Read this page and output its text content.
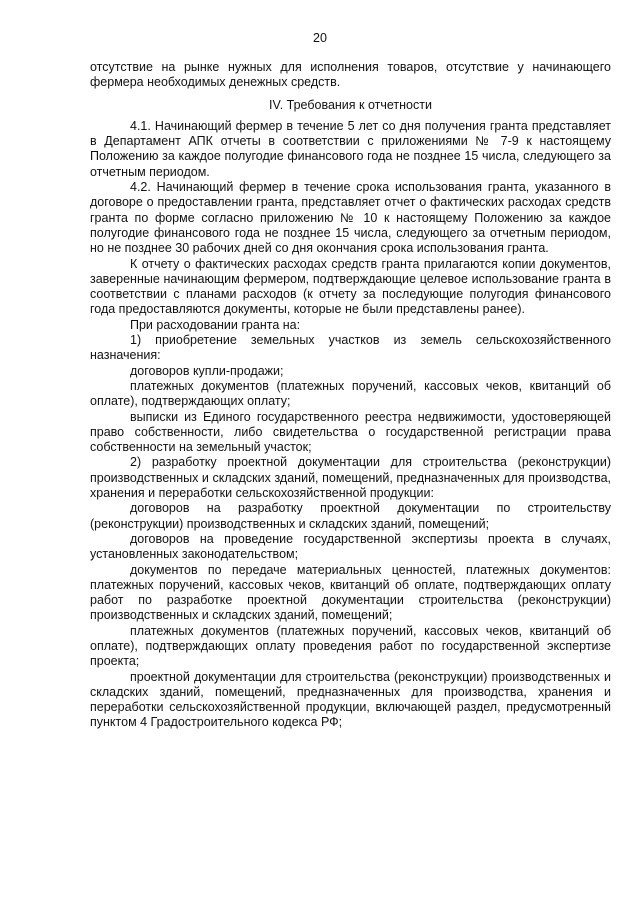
20

отсутствие на рынке нужных для исполнения товаров, отсутствие у начинающего фермера необходимых денежных средств.

IV. Требования к отчетности

4.1. Начинающий фермер в течение 5 лет со дня получения гранта представляет в Департамент АПК отчеты в соответствии с приложениями № 7-9 к настоящему Положению за каждое полугодие финансового года не позднее 15 числа, следующего за отчетным периодом.

4.2. Начинающий фермер в течение срока использования гранта, указанного в договоре о предоставлении гранта, представляет отчет о фактических расходах средств гранта по форме согласно приложению № 10 к настоящему Положению за каждое полугодие финансового года не позднее 15 числа, следующего за отчетным периодом, но не позднее 30 рабочих дней со дня окончания срока использования гранта.

К отчету о фактических расходах средств гранта прилагаются копии документов, заверенные начинающим фермером, подтверждающие целевое использование гранта в соответствии с планами расходов (к отчету за последующие полугодия финансового года предоставляются документы, которые не были представлены ранее).

При расходовании гранта на:

1) приобретение земельных участков из земель сельскохозяйственного назначения:

договоров купли-продажи;

платежных документов (платежных поручений, кассовых чеков, квитанций об оплате), подтверждающих оплату;

выписки из Единого государственного реестра недвижимости, удостоверяющей право собственности, либо свидетельства о государственной регистрации права собственности на земельный участок;

2) разработку проектной документации для строительства (реконструкции) производственных и складских зданий, помещений, предназначенных для производства, хранения и переработки сельскохозяйственной продукции:

договоров на разработку проектной документации по строительству (реконструкции) производственных и складских зданий, помещений;

договоров на проведение государственной экспертизы проекта в случаях, установленных законодательством;

документов по передаче материальных ценностей, платежных документов: платежных поручений, кассовых чеков, квитанций об оплате, подтверждающих оплату работ по разработке проектной документации строительства (реконструкции) производственных и складских зданий, помещений;

платежных документов (платежных поручений, кассовых чеков, квитанций об оплате), подтверждающих оплату проведения работ по государственной экспертизе проекта;

проектной документации для строительства (реконструкции) производственных и складских зданий, помещений, предназначенных для производства, хранения и переработки сельскохозяйственной продукции, включающей раздел, предусмотренный пунктом 4 Градостроительного кодекса РФ;
